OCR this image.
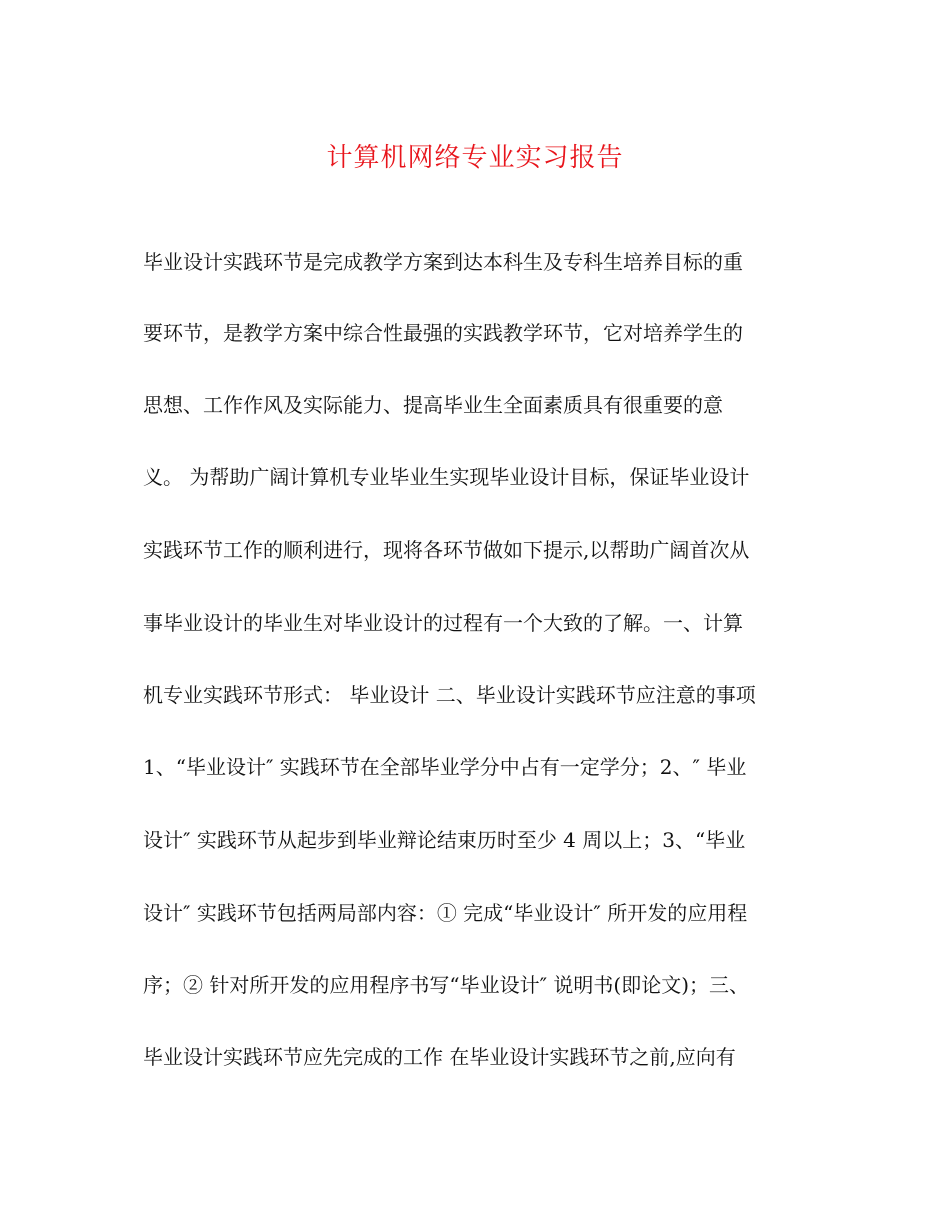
计算机网络专业实习报告
毕业设计实践环节是完成教学方案到达本科生及专科生培养目标的重
要环节，是教学方案中综合性最强的实践教学环节，它对培养学生的
思想、工作作风及实际能力、提高毕业生全面素质具有很重要的意
义。 为帮助广阔计算机专业毕业生实现毕业设计目标，保证毕业设计
实践环节工作的顺利进行，现将各环节做如下提示,以帮助广阔首次从
事毕业设计的毕业生对毕业设计的过程有一个大致的了解。一、计算
机专业实践环节形式： 毕业设计 二、毕业设计实践环节应注意的事项
1、“毕业设计″ 实践环节在全部毕业学分中占有一定学分；2、″ 毕业
设计″ 实践环节从起步到毕业辩论结束历时至少 4 周以上；3、“毕业
设计″ 实践环节包括两局部内容：① 完成“毕业设计″ 所开发的应用程
序；② 针对所开发的应用程序书写“毕业设计″ 说明书(即论文)；三、
毕业设计实践环节应先完成的工作 在毕业设计实践环节之前,应向有
